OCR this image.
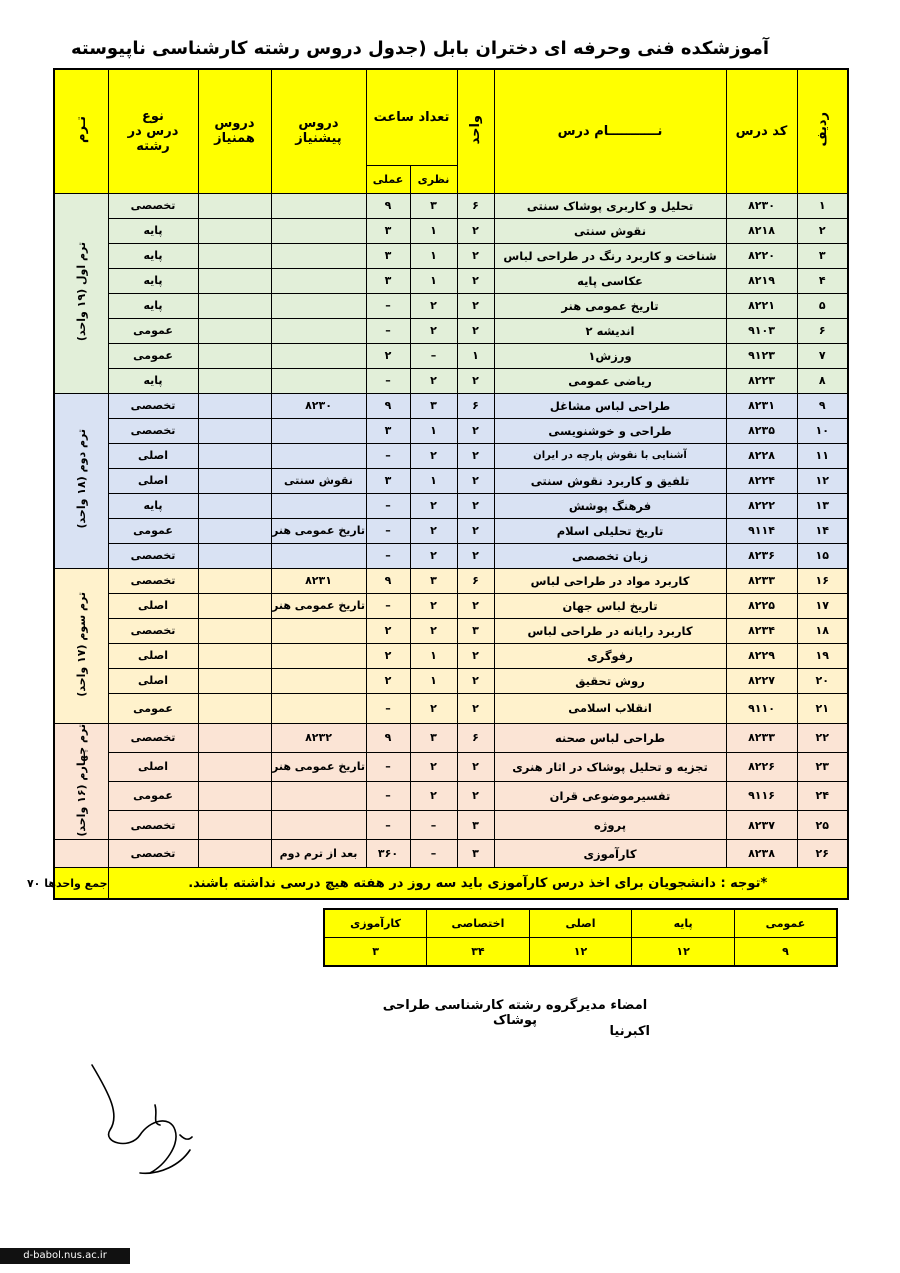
آموزشکده فنی وحرفه ای دختران بابل (جدول دروس رشته کارشناسی ناپیوسته
ردیف	کد درس	نـــــــــــام درس	واحد	تعداد ساعت		دروس پیشنیاز	دروس همنیاز	نوع درس در رشته	تـرم
				نظری	عملی				
۱	۸۲۳۰	تحلیل و کاربری پوشاک سنتی	۶	۳	۹			تخصصی	ترم اول (۱۹ واحد)
۲	۸۲۱۸	نقوش سنتی	۲	۱	۳			پایه	
۳	۸۲۲۰	شناخت و کاربرد رنگ در طراحی لباس	۲	۱	۳			پایه	
۴	۸۲۱۹	عکاسی پایه	۲	۱	۳			پایه	
۵	۸۲۲۱	تاریخ عمومی هنر	۲	۲	–			پایه	
۶	۹۱۰۳	اندیشه ۲	۲	۲	–			عمومی	
۷	۹۱۲۳	ورزش۱	۱	–	۲			عمومی	
۸	۸۲۲۳	ریاضی عمومی	۲	۲	–			پایه	
۹	۸۲۳۱	طراحی لباس مشاغل	۶	۳	۹	۸۲۳۰		تخصصی	ترم دوم (۱۸ واحد)
۱۰	۸۲۳۵	طراحی و خوشنویسی	۲	۱	۳			تخصصی	
۱۱	۸۲۲۸	آشنایی با نقوش پارچه در ایران	۲	۲	–			اصلی	
۱۲	۸۲۲۴	تلفیق و کاربرد نقوش سنتی	۲	۱	۳	نقوش سنتی		اصلی	
۱۳	۸۲۲۲	فرهنگ پوشش	۲	۲	–			پایه	
۱۴	۹۱۱۴	تاریخ تحلیلی اسلام	۲	۲	–	تاریخ عمومی هنر		عمومی	
۱۵	۸۲۳۶	زبان تخصصی	۲	۲	–			تخصصی	
۱۶	۸۲۳۳	کاربرد مواد در طراحی لباس	۶	۳	۹	۸۲۳۱		تخصصی	ترم سوم (۱۷ واحد)
۱۷	۸۲۲۵	تاریخ لباس جهان	۲	۲	–	تاریخ عمومی هنر		اصلی	
۱۸	۸۲۳۴	کاربرد رایانه در طراحی لباس	۳	۲	۲			تخصصی	
۱۹	۸۲۲۹	رفوگری	۲	۱	۲			اصلی	
۲۰	۸۲۲۷	روش تحقیق	۲	۱	۲			اصلی	
۲۱	۹۱۱۰	انقلاب اسلامی	۲	۲	–			عمومی	
۲۲	۸۲۳۳	طراحی لباس صحنه	۶	۳	۹	۸۲۳۲		تخصصی	ترم چهارم (۱۶ واحد)
۲۳	۸۲۲۶	تجزیه و تحلیل پوشاک در اثار هنری	۲	۲	–	تاریخ عمومی هنر		اصلی	
۲۴	۹۱۱۶	تفسیرموضوعی قران	۲	۲	–			عمومی	
۲۵	۸۲۳۷	پروژه	۳	–	–			تخصصی	
۲۶	۸۲۳۸	کارآموزی	۳	–	۳۶۰	بعد از ترم دوم		تخصصی	
*توجه : دانشجویان برای اخذ درس کارآموزی باید سه روز در هفته هیچ درسی نداشته باشند.									جمع واحدها ۷۰
عمومی	پایه	اصلی	اختصاصی	کارآموزی
۹	۱۲	۱۲	۳۴	۳
امضاء مدیرگروه رشته کارشناسی طراحی پوشاک
اکبرنیا
d-babol.nus.ac.ir
